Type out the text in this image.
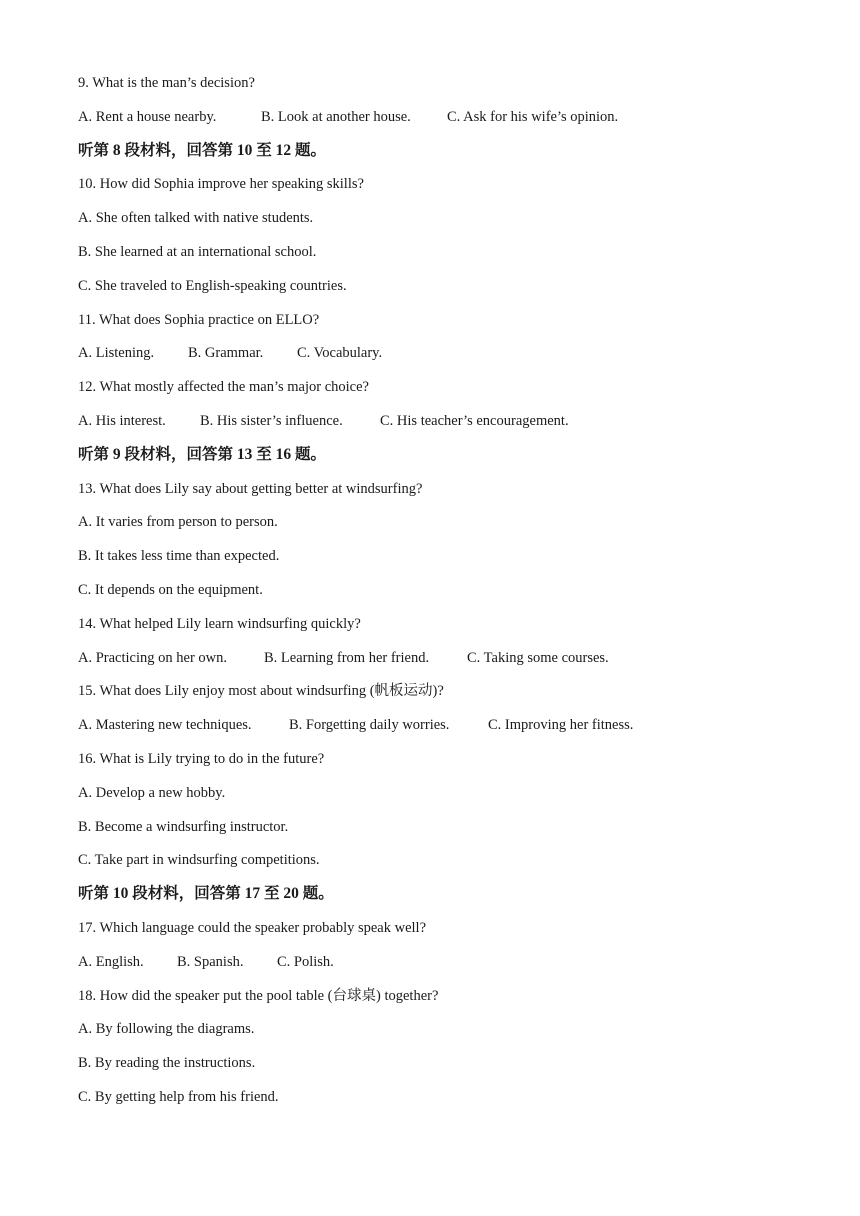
9. What is the man’s decision?
A. Rent a house nearby.	B. Look at another house. C. Ask for his wife’s opinion.
听第 8 段材料，回答第 10 至 12 题。
10. How did Sophia improve her speaking skills?
A. She often talked with native students.
B. She learned at an international school.
C. She traveled to English-speaking countries.
11. What does Sophia practice on ELLO?
A. Listening. B. Grammar. C. Vocabulary.
12. What mostly affected the man’s major choice?
A. His interest. B. His sister’s influence.	C. His teacher’s encouragement.
听第 9 段材料，回答第 13 至 16 题。
13. What does Lily say about getting better at windsurfing?
A. It varies from person to person.
B. It takes less time than expected.
C. It depends on the equipment.
14. What helped Lily learn windsurfing quickly?
A. Practicing on her own.	B. Learning from her friend.	C. Taking some courses.
15. What does Lily enjoy most about windsurfing (帆板运动)?
A. Mastering new techniques.	B. Forgetting daily worries.	C. Improving her fitness.
16. What is Lily trying to do in the future?
A. Develop a new hobby.
B. Become a windsurfing instructor.
C. Take part in windsurfing competitions.
听第 10 段材料，回答第 17 至 20 题。
17. Which language could the speaker probably speak well?
A. English. B. Spanish. C. Polish.
18. How did the speaker put the pool table (台球桌) together?
A. By following the diagrams.
B. By reading the instructions.
C. By getting help from his friend.
